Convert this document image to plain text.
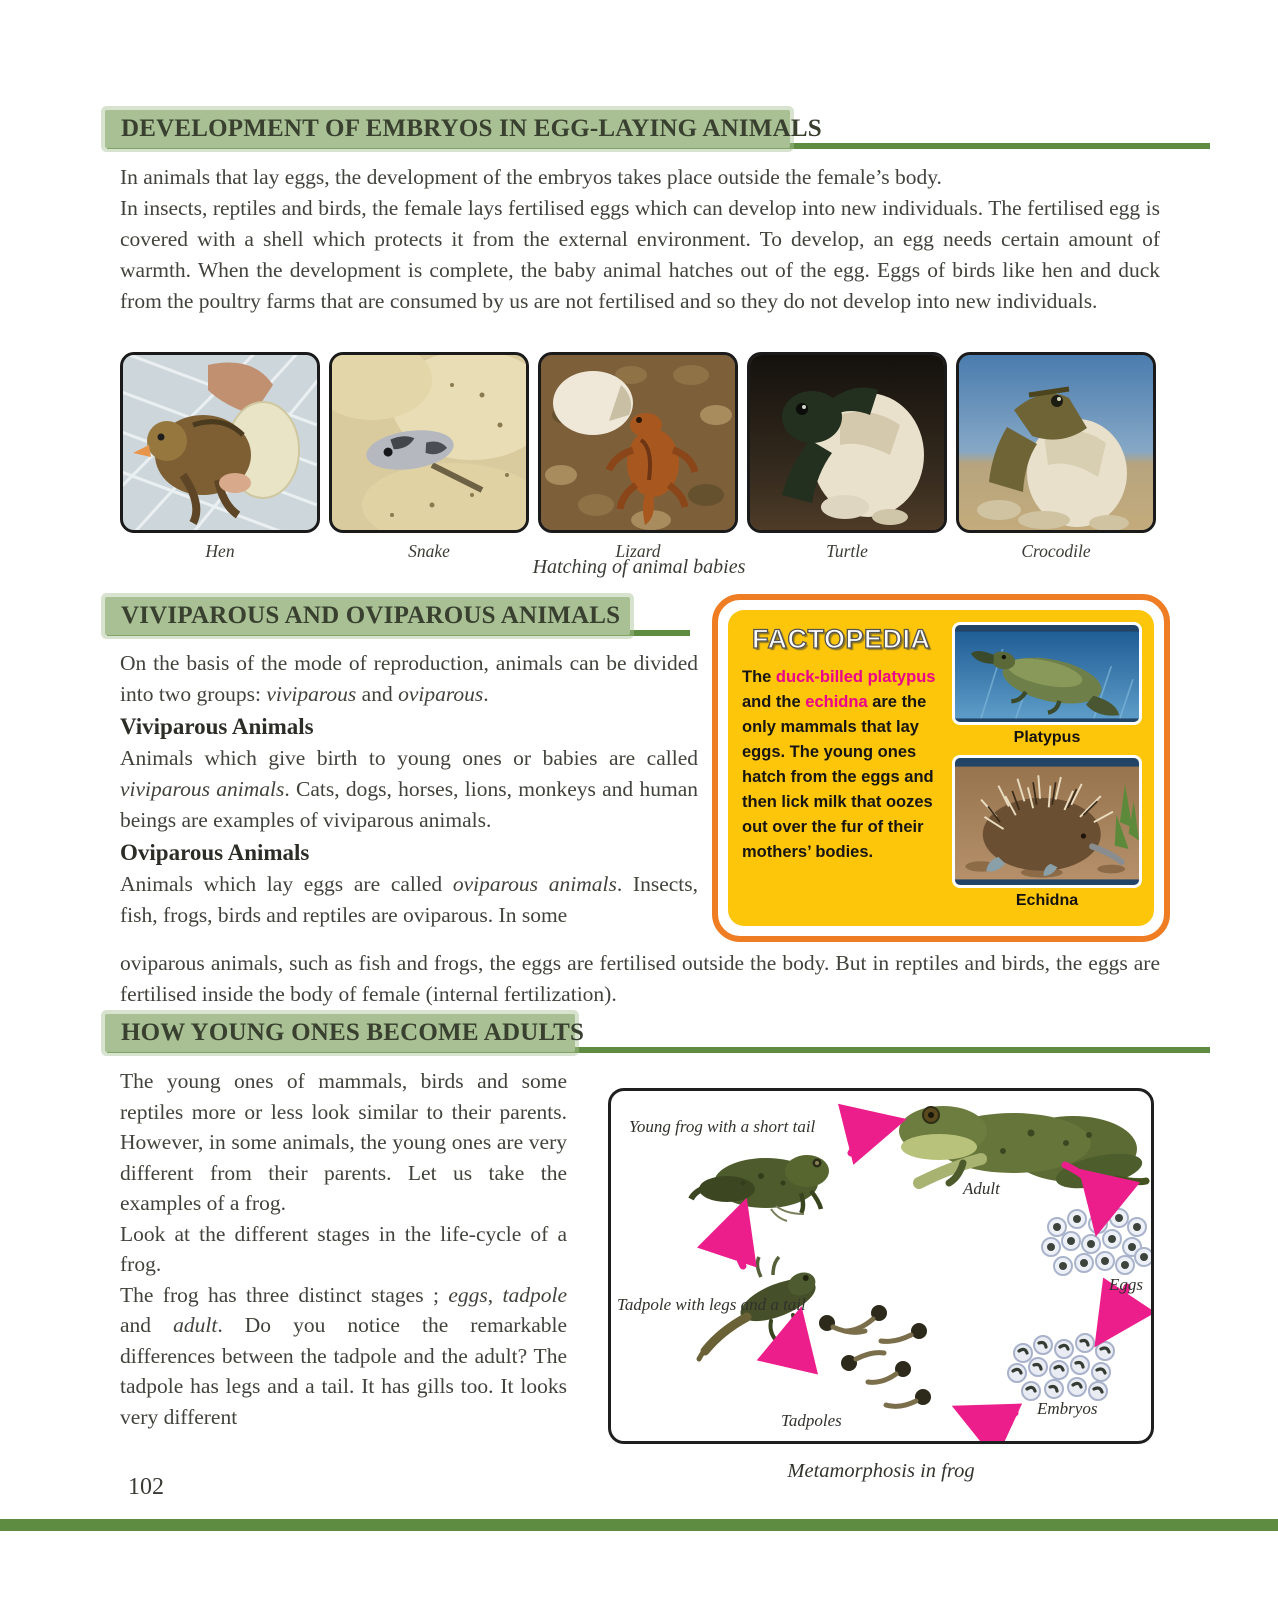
DEVELOPMENT OF EMBRYOS IN EGG-LAYING ANIMALS
In animals that lay eggs, the development of the embryos takes place outside the female’s body.
In insects, reptiles and birds, the female lays fertilised eggs which can develop into new individuals. The fertilised egg is covered with a shell which protects it from the external environment. To develop, an egg needs certain amount of warmth. When the development is complete, the baby animal hatches out of the egg. Eggs of birds like hen and duck from the poultry farms that are consumed by us are not fertilised and so they do not develop into new individuals.
Hen	Snake	Lizard	Turtle	Crocodile
Hatching of animal babies
VIVIPAROUS AND OVIPAROUS ANIMALS
On the basis of the mode of reproduction, animals can be divided into two groups: viviparous and oviparous.
Viviparous Animals
Animals which give birth to young ones or babies are called viviparous animals. Cats, dogs, horses, lions, monkeys and human beings are examples of viviparous animals.
Oviparous Animals
Animals which lay eggs are called oviparous animals. Insects, fish, frogs, birds and reptiles are oviparous. In some
oviparous animals, such as fish and frogs, the eggs are fertilised outside the body. But in reptiles and birds, the eggs are fertilised inside the body of female (internal fertilization).
FACTOPEDIA
The duck-billed platypus and the echidna are the only mammals that lay eggs. The young ones hatch from the eggs and then lick milk that oozes out over the fur of their mothers’ bodies.
Platypus
Echidna
HOW YOUNG ONES BECOME ADULTS
The young ones of mammals, birds and some reptiles more or less look similar to their parents. However, in some animals, the young ones are very different from their parents. Let us take the examples of a frog.
Look at the different stages in the life-cycle of a frog.
The frog has three distinct stages ; eggs, tadpole and adult. Do you notice the remarkable differences between the tadpole and the adult? The tadpole has legs and a tail. It has gills too. It looks very different
Young frog with a short tail
Adult
Eggs
Embryos
Tadpoles
Tadpole with legs and a tail
Metamorphosis in frog
102
